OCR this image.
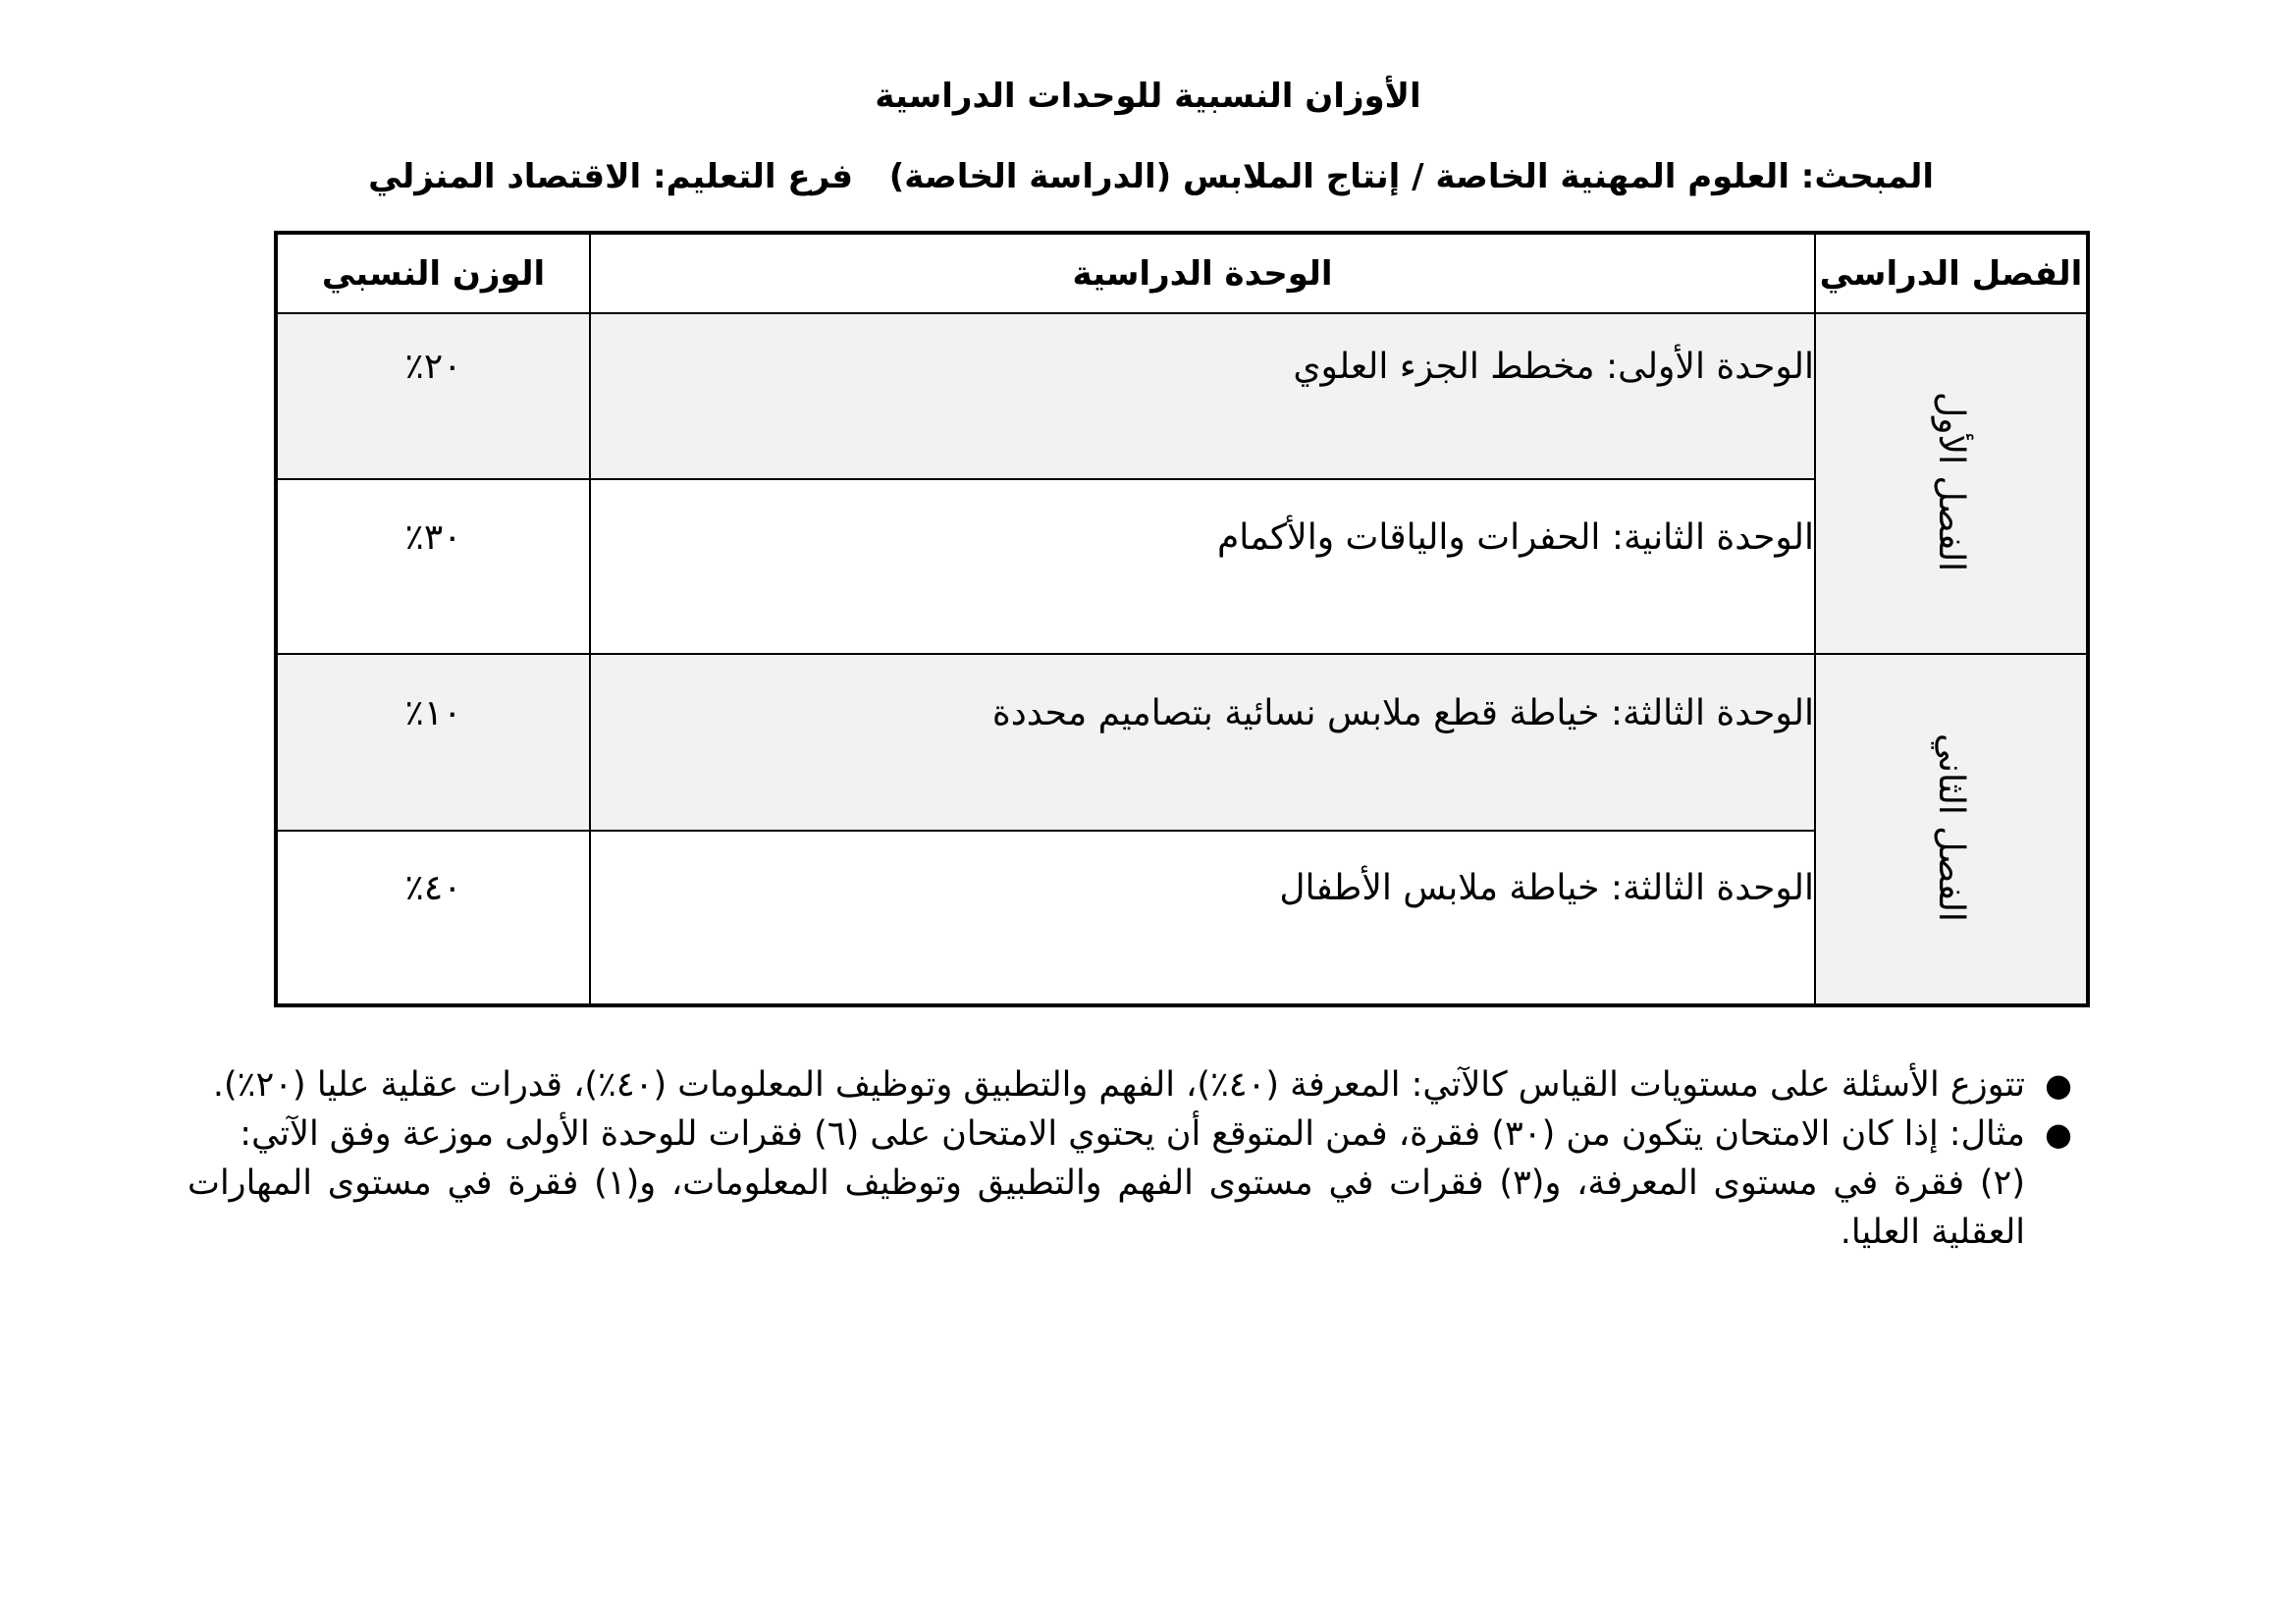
الأوزان النسبية للوحدات الدراسية
المبحث: العلوم المهنية الخاصة / إنتاج الملابس (الدراسة الخاصة)
فرع التعليم: الاقتصاد المنزلي
الفصل الدراسي	الوحدة الدراسية	الوزن النسبي
الفصل الأول	الوحدة الأولى: مخطط الجزء العلوي	٢٠٪
	الوحدة الثانية: الحفرات والياقات والأكمام	٣٠٪
الفصل الثاني	الوحدة الثالثة: خياطة قطع ملابس نسائية بتصاميم محددة	١٠٪
	الوحدة الثالثة: خياطة ملابس الأطفال	٤٠٪
●
تتوزع الأسئلة على مستويات القياس كالآتي: المعرفة (٤٠٪)، الفهم والتطبيق وتوظيف المعلومات (٤٠٪)، قدرات عقلية عليا (٢٠٪).
●
مثال: إذا كان الامتحان يتكون من (٣٠) فقرة، فمن المتوقع أن يحتوي الامتحان على (٦) فقرات للوحدة الأولى موزعة وفق الآتي:
(٢) فقرة في مستوى المعرفة، و(٣) فقرات في مستوى الفهم والتطبيق وتوظيف المعلومات، و(١) فقرة في مستوى المهارات العقلية العليا.
